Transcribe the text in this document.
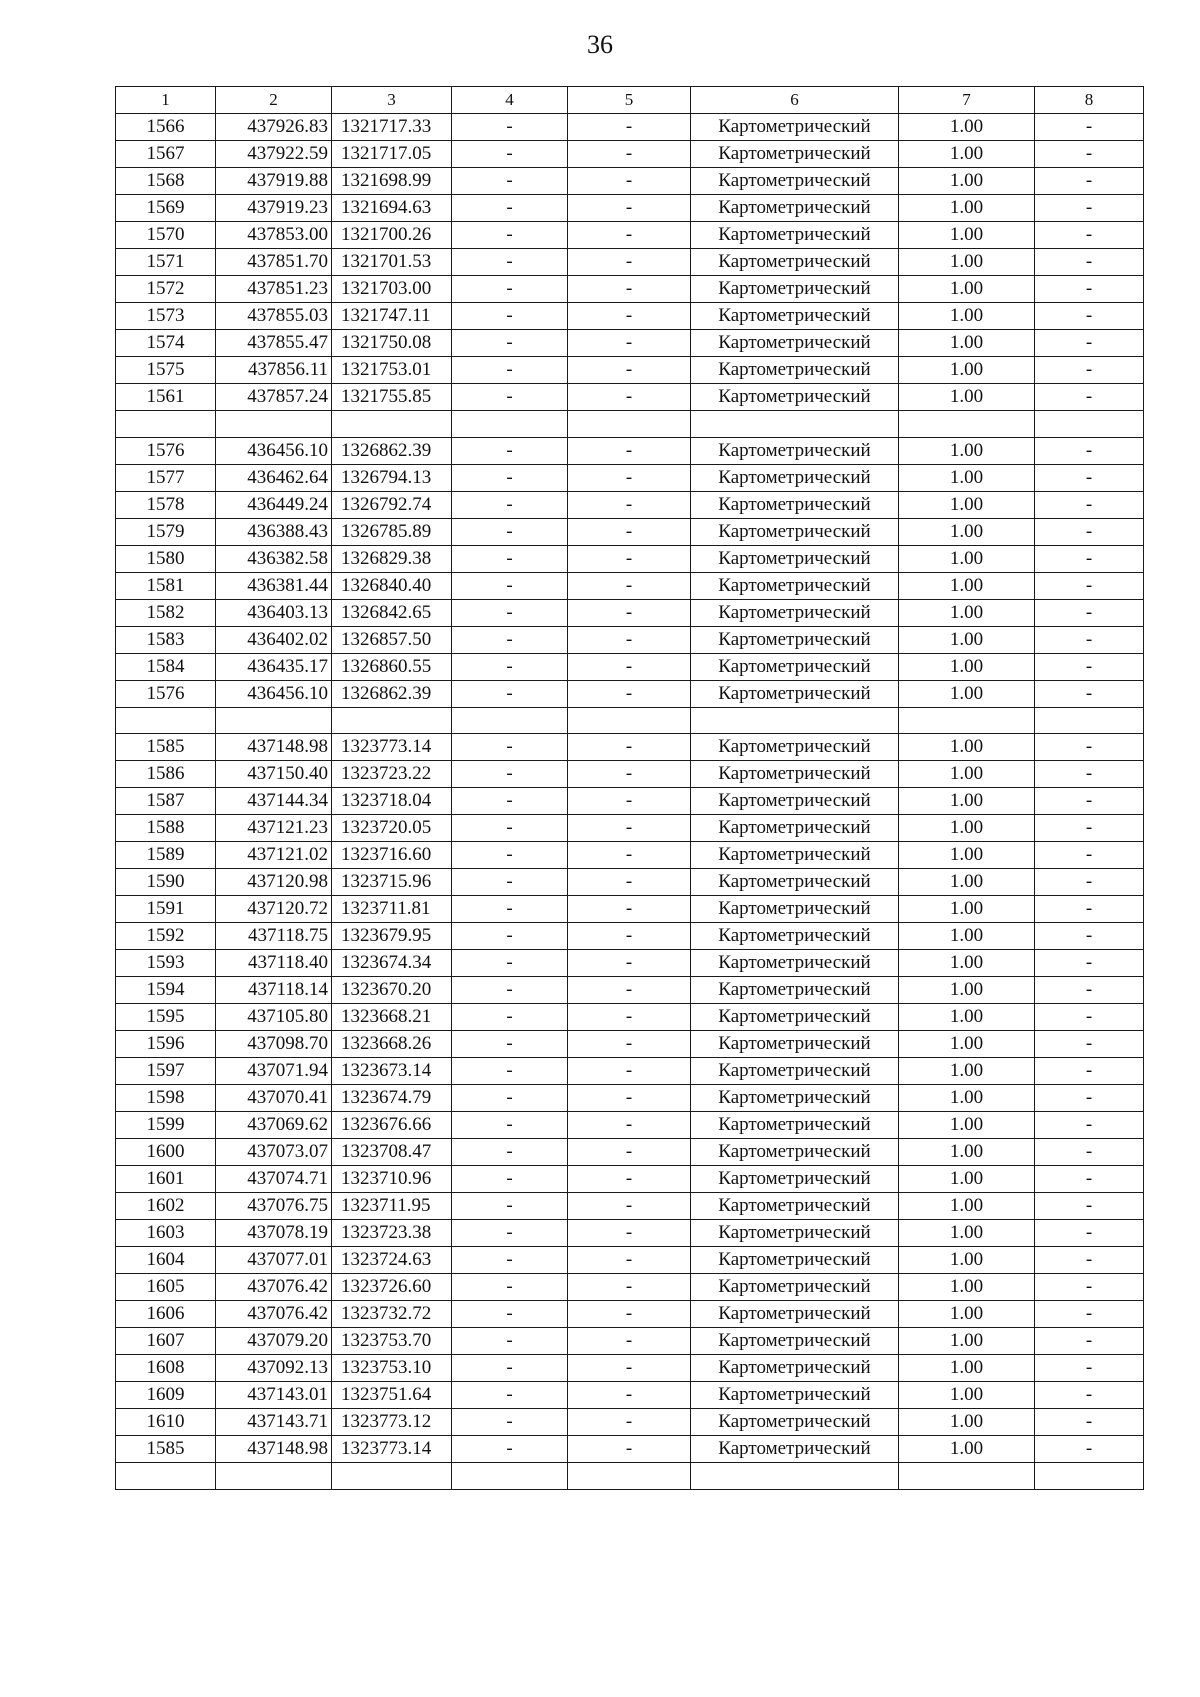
36
1	2	3	4	5	6	7	8
1566	437926.83	1321717.33	-	-	Картометрический	1.00	-
1567	437922.59	1321717.05	-	-	Картометрический	1.00	-
1568	437919.88	1321698.99	-	-	Картометрический	1.00	-
1569	437919.23	1321694.63	-	-	Картометрический	1.00	-
1570	437853.00	1321700.26	-	-	Картометрический	1.00	-
1571	437851.70	1321701.53	-	-	Картометрический	1.00	-
1572	437851.23	1321703.00	-	-	Картометрический	1.00	-
1573	437855.03	1321747.11	-	-	Картометрический	1.00	-
1574	437855.47	1321750.08	-	-	Картометрический	1.00	-
1575	437856.11	1321753.01	-	-	Картометрический	1.00	-
1561	437857.24	1321755.85	-	-	Картометрический	1.00	-

1576	436456.10	1326862.39	-	-	Картометрический	1.00	-
1577	436462.64	1326794.13	-	-	Картометрический	1.00	-
1578	436449.24	1326792.74	-	-	Картометрический	1.00	-
1579	436388.43	1326785.89	-	-	Картометрический	1.00	-
1580	436382.58	1326829.38	-	-	Картометрический	1.00	-
1581	436381.44	1326840.40	-	-	Картометрический	1.00	-
1582	436403.13	1326842.65	-	-	Картометрический	1.00	-
1583	436402.02	1326857.50	-	-	Картометрический	1.00	-
1584	436435.17	1326860.55	-	-	Картометрический	1.00	-
1576	436456.10	1326862.39	-	-	Картометрический	1.00	-

1585	437148.98	1323773.14	-	-	Картометрический	1.00	-
1586	437150.40	1323723.22	-	-	Картометрический	1.00	-
1587	437144.34	1323718.04	-	-	Картометрический	1.00	-
1588	437121.23	1323720.05	-	-	Картометрический	1.00	-
1589	437121.02	1323716.60	-	-	Картометрический	1.00	-
1590	437120.98	1323715.96	-	-	Картометрический	1.00	-
1591	437120.72	1323711.81	-	-	Картометрический	1.00	-
1592	437118.75	1323679.95	-	-	Картометрический	1.00	-
1593	437118.40	1323674.34	-	-	Картометрический	1.00	-
1594	437118.14	1323670.20	-	-	Картометрический	1.00	-
1595	437105.80	1323668.21	-	-	Картометрический	1.00	-
1596	437098.70	1323668.26	-	-	Картометрический	1.00	-
1597	437071.94	1323673.14	-	-	Картометрический	1.00	-
1598	437070.41	1323674.79	-	-	Картометрический	1.00	-
1599	437069.62	1323676.66	-	-	Картометрический	1.00	-
1600	437073.07	1323708.47	-	-	Картометрический	1.00	-
1601	437074.71	1323710.96	-	-	Картометрический	1.00	-
1602	437076.75	1323711.95	-	-	Картометрический	1.00	-
1603	437078.19	1323723.38	-	-	Картометрический	1.00	-
1604	437077.01	1323724.63	-	-	Картометрический	1.00	-
1605	437076.42	1323726.60	-	-	Картометрический	1.00	-
1606	437076.42	1323732.72	-	-	Картометрический	1.00	-
1607	437079.20	1323753.70	-	-	Картометрический	1.00	-
1608	437092.13	1323753.10	-	-	Картометрический	1.00	-
1609	437143.01	1323751.64	-	-	Картометрический	1.00	-
1610	437143.71	1323773.12	-	-	Картометрический	1.00	-
1585	437148.98	1323773.14	-	-	Картометрический	1.00	-
